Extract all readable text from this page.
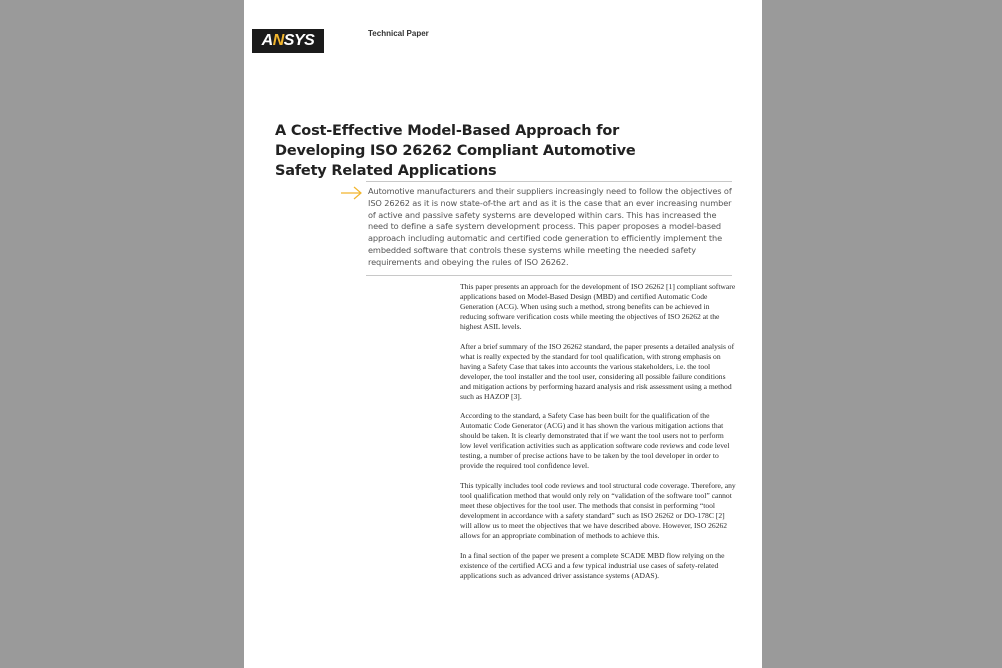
ANSYS	Technical Paper
A Cost-Effective Model-Based Approach for Developing ISO 26262 Compliant Automotive Safety Related Applications
Automotive manufacturers and their suppliers increasingly need to follow the objectives of ISO 26262 as it is now state-of-the art and as it is the case that an ever increasing number of active and passive safety systems are developed within cars. This has increased the need to define a safe system development process. This paper proposes a model-based approach including automatic and certified code generation to efficiently implement the embedded software that controls these systems while meeting the needed safety requirements and obeying the rules of ISO 26262.

This paper presents an approach for the development of ISO 26262 [1] compliant software applications based on Model-Based Design (MBD) and certified Automatic Code Generation (ACG). When using such a method, strong benefits can be achieved in reducing software verification costs while meeting the objectives of ISO 26262 at the highest ASIL levels.

After a brief summary of the ISO 26262 standard, the paper presents a detailed analysis of what is really expected by the standard for tool qualification, with strong emphasis on having a Safety Case that takes into accounts the various stakeholders, i.e. the tool developer, the tool installer and the tool user, considering all possible failure conditions and mitigation actions by performing hazard analysis and risk assessment using a method such as HAZOP [3].

According to the standard, a Safety Case has been built for the qualification of the Automatic Code Generator (ACG) and it has shown the various mitigation actions that should be taken. It is clearly demonstrated that if we want the tool users not to perform low level verification activities such as application software code reviews and code level testing, a number of precise actions have to be taken by the tool developer in order to provide the required tool confidence level.

This typically includes tool code reviews and tool structural code coverage. Therefore, any tool qualification method that would only rely on “validation of the software tool” cannot meet these objectives for the tool user. The methods that consist in performing “tool development in accordance with a safety standard” such as ISO 26262 or DO-178C [2] will allow us to meet the objectives that we have described above. However, ISO 26262 allows for an appropriate combination of methods to achieve this.

In a final section of the paper we present a complete SCADE MBD flow relying on the existence of the certified ACG and a few typical industrial use cases of safety-related applications such as advanced driver assistance systems (ADAS).
